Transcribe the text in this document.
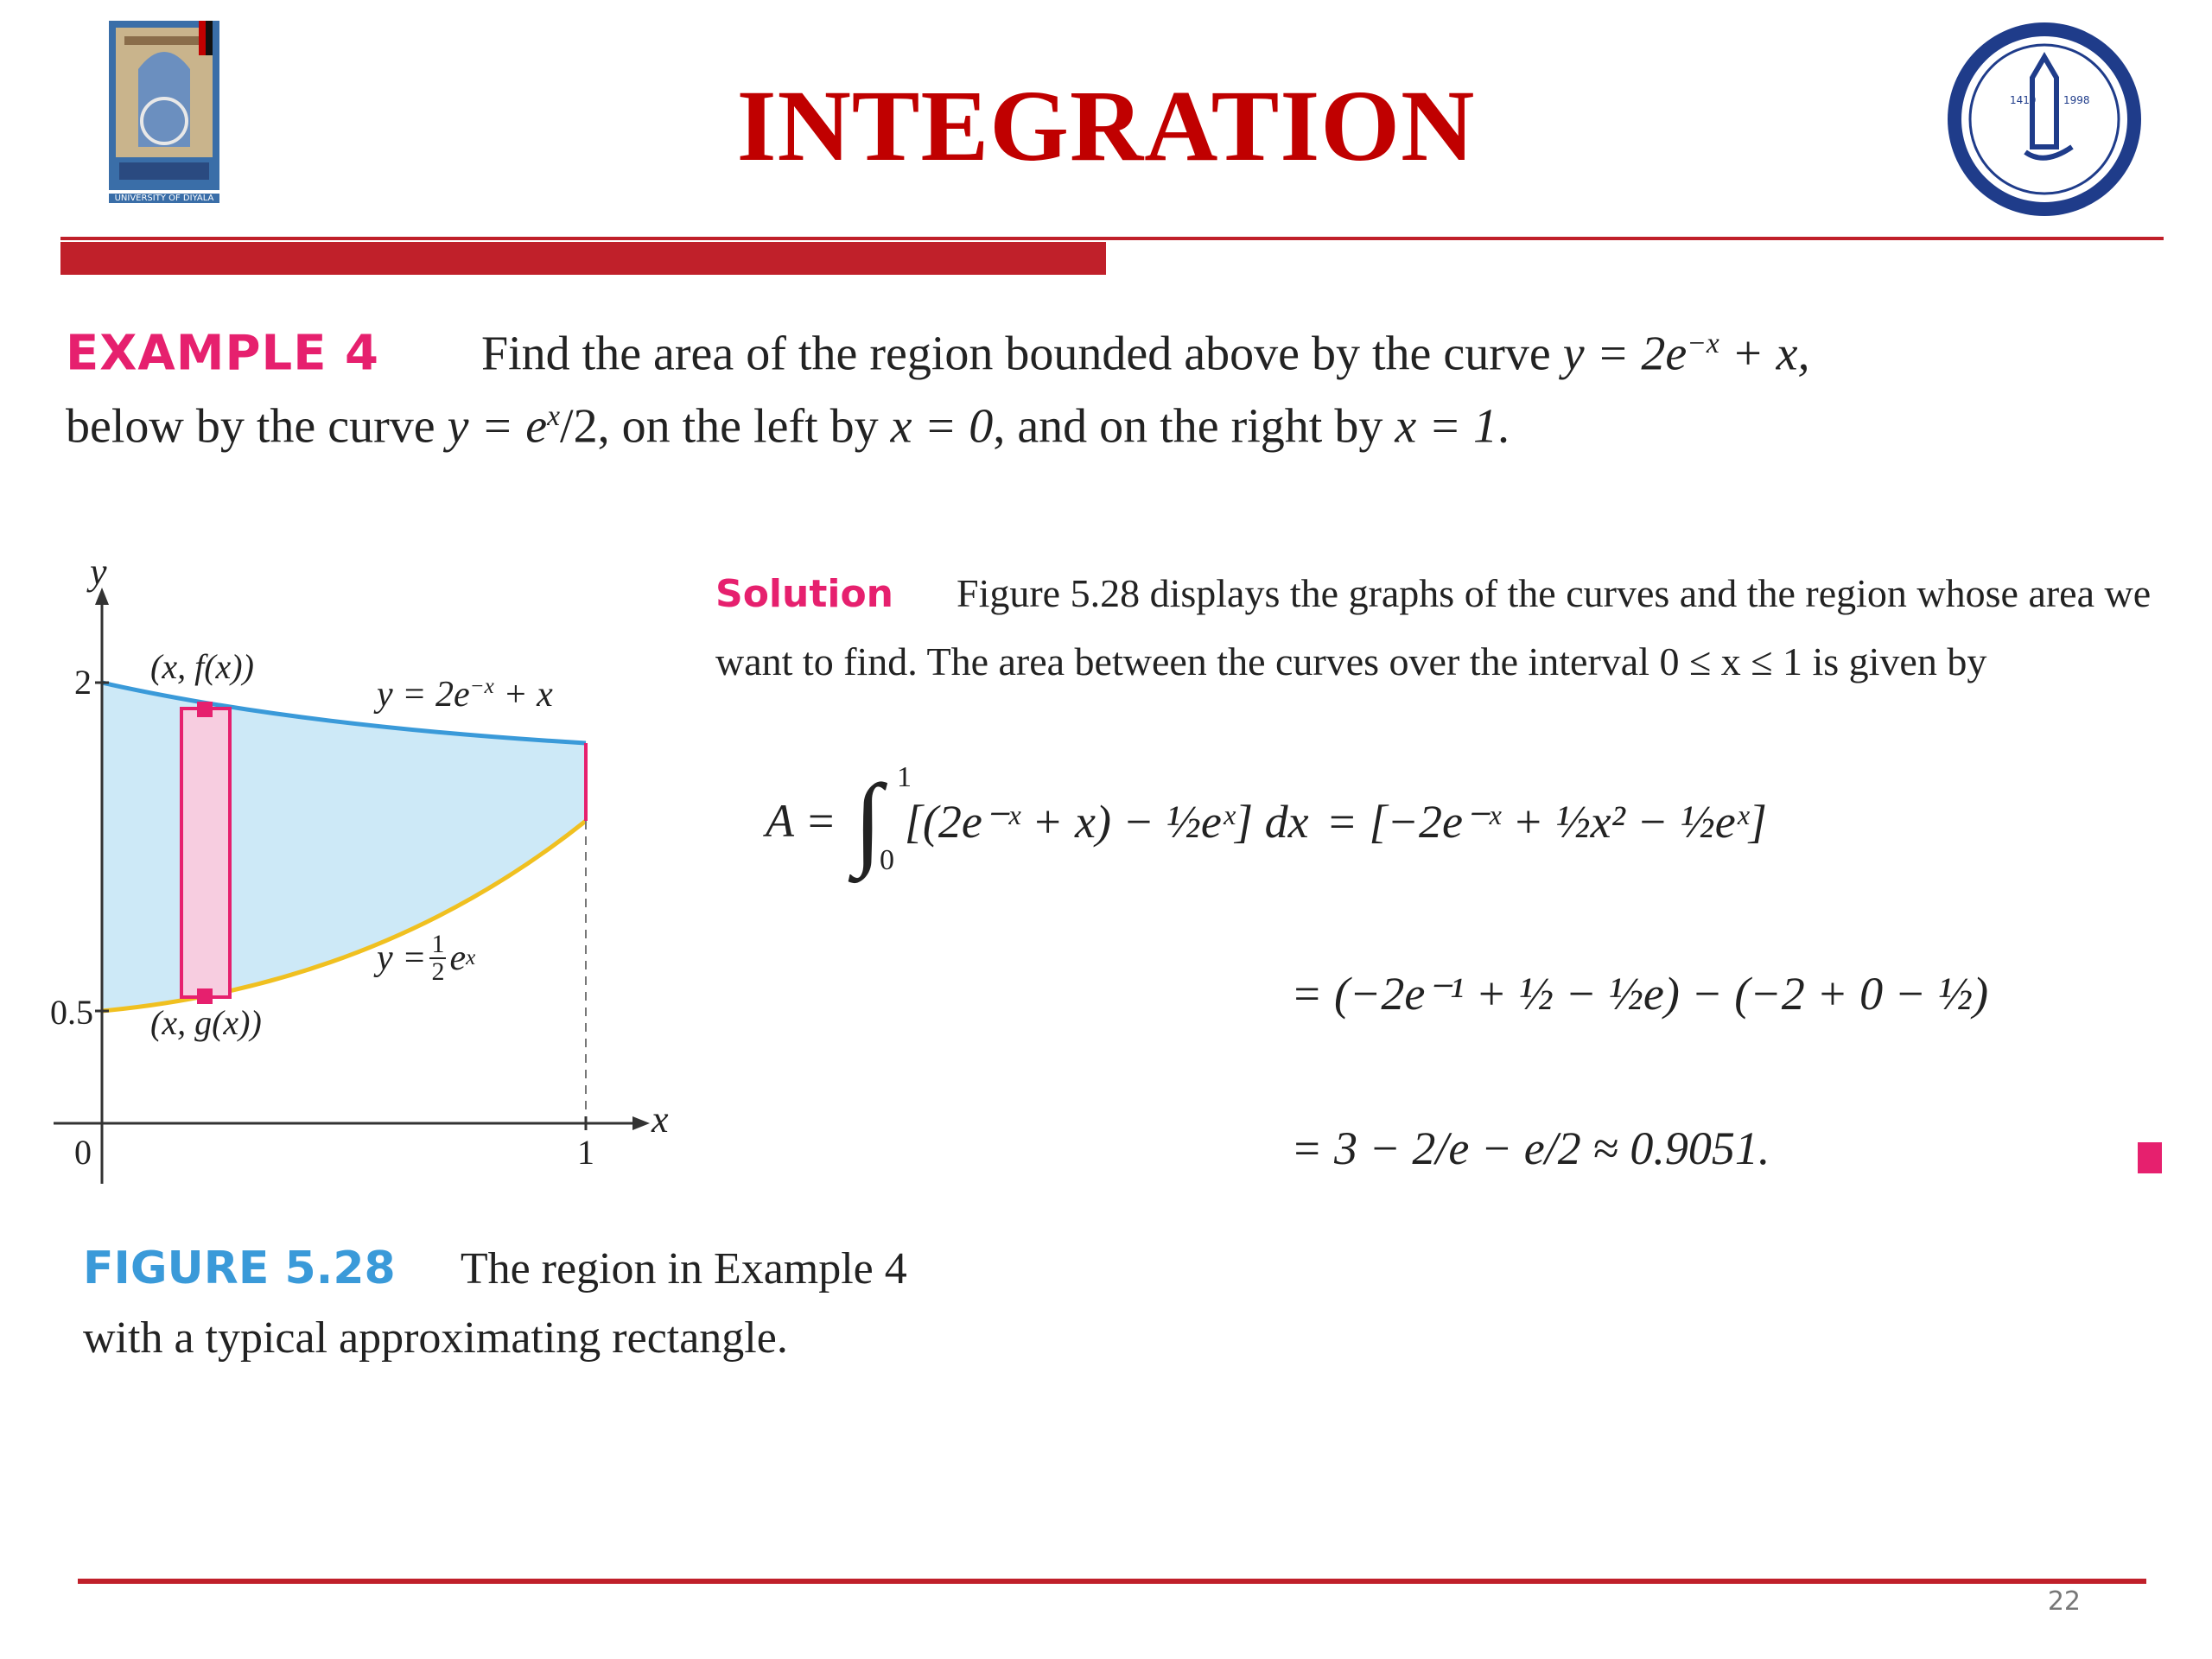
UNIVERSITY OF DIYALA
INTEGRATION	1419	1998
EXAMPLE 4 Find the area of the region bounded above by the curve $y = 2e^{-x} + x$,
below by the curve $y = e^x/2$, on the left by x = 0, and on the right by x = 1.
y
x
2
0.5
0	1
(x, f(x))
(x, g(x))
$y = 2e^{-x} + x$
$y = \frac{1}{2}$ e x
Solution Figure 5.28 displays the graphs of the curves and the region whose area we want to find. The area between the curves over the interval 0 ≤ x ≤ 1 is given by
A = ∫ 1
0
[(2e⁻ˣ + x) − ½eˣ] dx = [−2e⁻ˣ + ½x² − ½eˣ]
= (−2e⁻¹ + ½ − ½e) − (−2 + 0 − ½)
= 3 − 2/e − e/2 ≈ 0.9051.
FIGURE 5.28 The region in Example 4 with a typical approximating rectangle.
22
